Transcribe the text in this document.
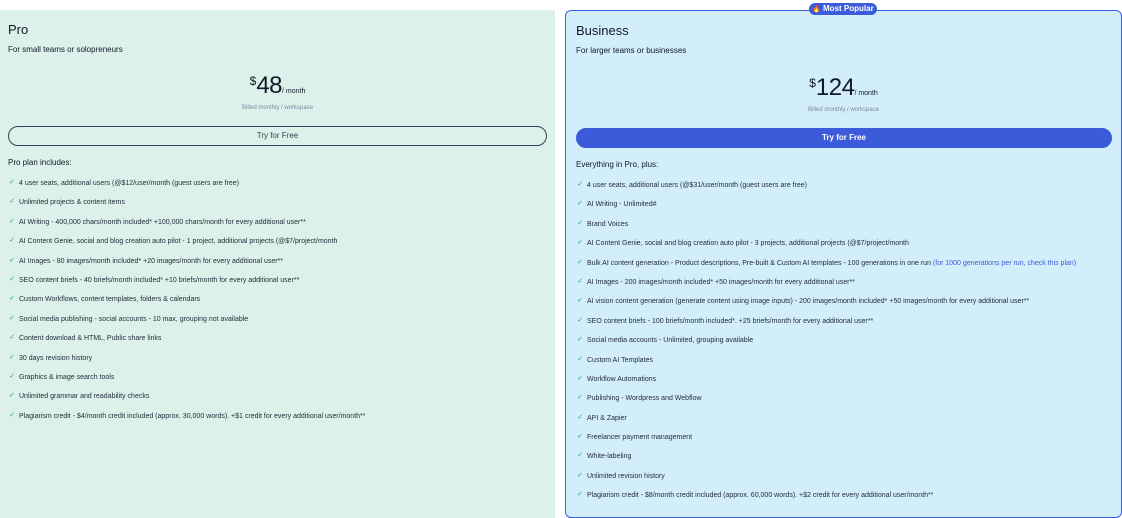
🔥 Most Popular
Pro
For small teams or solopreneurs
$48/ month
Billed monthly / workspace
Try for Free
Pro plan includes:
✓ 4 user seats, additional users (@$12/user/month (guest users are free)
✓ Unlimited projects & content items
✓ AI Writing - 400,000 chars/month included* +100,000 chars/month for every additional user**
✓ AI Content Genie, social and blog creation auto pilot - 1 project, additional projects (@$7/project/month
✓ AI Images - 80 images/month included* +20 images/month for every additional user**
✓ SEO content briefs - 40 briefs/month included* +10 briefs/month for every additional user**
✓ Custom Workflows, content templates, folders & calendars
✓ Social media publishing - social accounts - 10 max, grouping not available
✓ Content download & HTML, Public share links
✓ 30 days revision history
✓ Graphics & image search tools
✓ Unlimited grammar and readability checks
✓ Plagiarism credit - $4/month credit included (approx. 30,000 words). +$1 credit for every additional user/month**
Business
For larger teams or businesses
$124/ month
Billed monthly / workspace
Try for Free
Everything in Pro, plus:
✓ 4 user seats, additional users (@$31/user/month (guest users are free)
✓ AI Writing - Unlimited#
✓ Brand Voices
✓ AI Content Genie, social and blog creation auto pilot - 3 projects, additional projects (@$7/project/month
✓ Bulk AI content generation - Product descriptions, Pre-built & Custom AI templates - 100 generations in one run
(for 1000 generations per run, check this plan)
✓ AI Images - 200 images/month included* +50 images/month for every additional user**
✓ AI vision content generation (generate content using image inputs) - 200 images/month included* +50 images/month for every additional user**
✓ SEO content briefs - 100 briefs/month included*. +25 briefs/month for every additional user**
✓ Social media accounts - Unlimited, grouping available
✓ Custom AI Templates
✓ Workflow Automations
✓ Publishing - Wordpress and Webflow
✓ API & Zapier
✓ Freelancer payment management
✓ White-labeling
✓ Unlimited revision history
✓ Plagiarism credit - $8/month credit included (approx. 60,000 words). +$2 credit for every additional user/month**
